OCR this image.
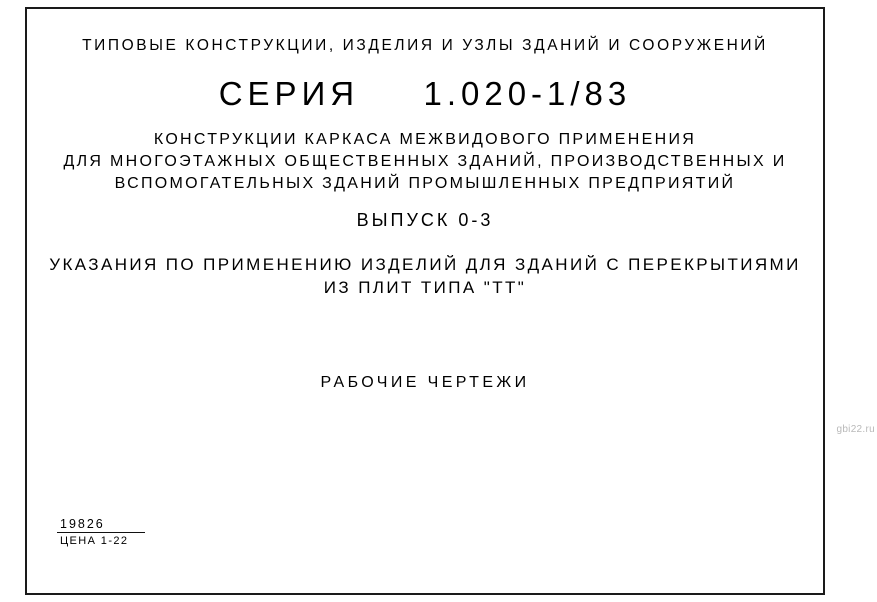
ТИПОВЫЕ КОНСТРУКЦИИ, ИЗДЕЛИЯ И УЗЛЫ ЗДАНИЙ И СООРУЖЕНИЙ
СЕРИЯ 1.020-1/83
КОНСТРУКЦИИ КАРКАСА МЕЖВИДОВОГО ПРИМЕНЕНИЯ
ДЛЯ МНОГОЭТАЖНЫХ ОБЩЕСТВЕННЫХ ЗДАНИЙ, ПРОИЗВОДСТВЕННЫХ И
ВСПОМОГАТЕЛЬНЫХ ЗДАНИЙ ПРОМЫШЛЕННЫХ ПРЕДПРИЯТИЙ
ВЫПУСК 0-3
УКАЗАНИЯ ПО ПРИМЕНЕНИЮ ИЗДЕЛИЙ ДЛЯ ЗДАНИЙ С ПЕРЕКРЫТИЯМИ
ИЗ ПЛИТ ТИПА "ТТ"
РАБОЧИЕ ЧЕРТЕЖИ
19826
ЦЕНА 1-22
gbi22.ru
